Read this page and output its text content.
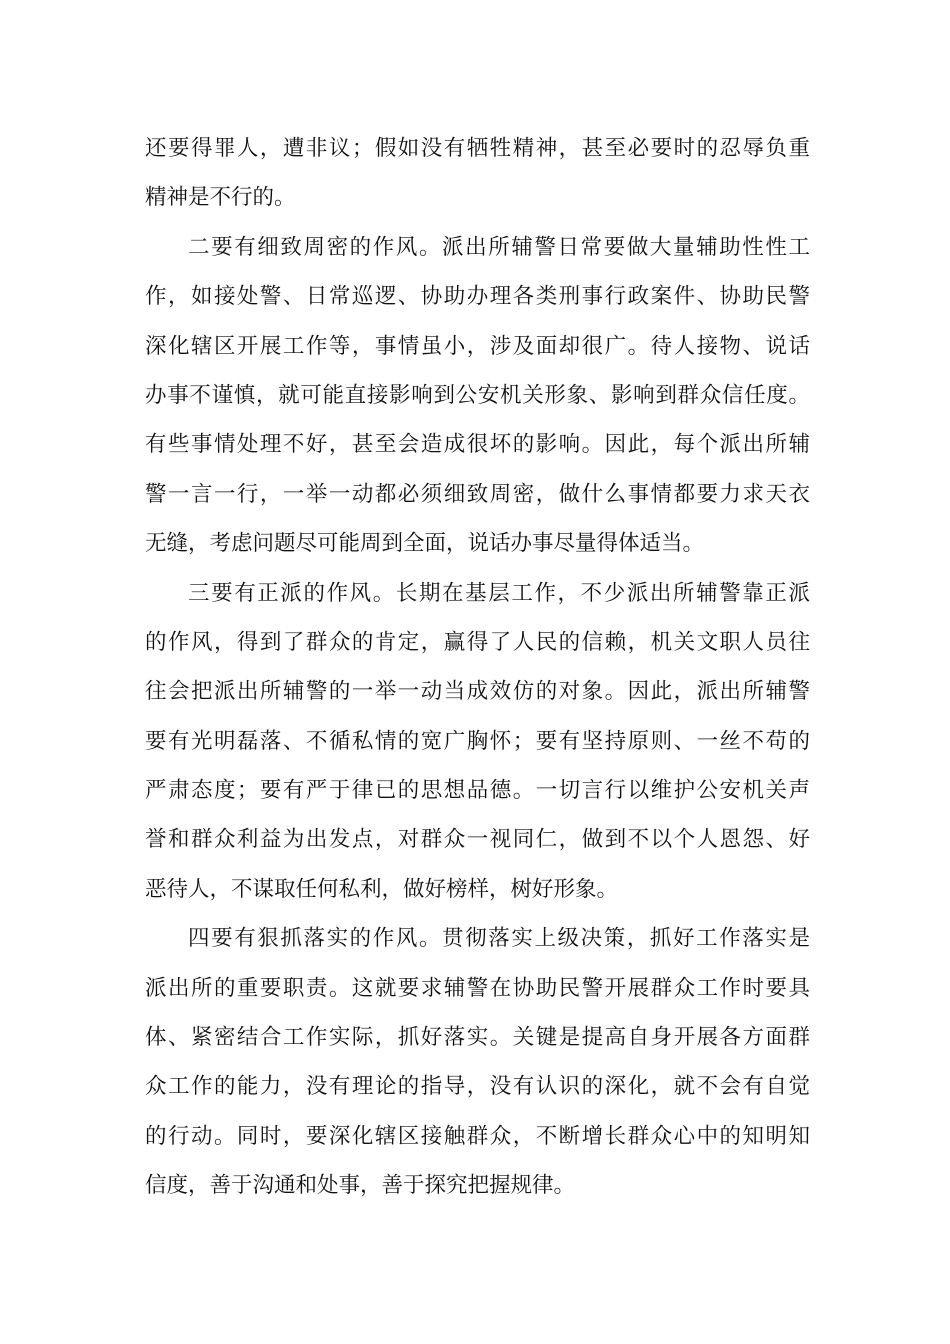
还要得罪人，遭非议；假如没有牺牲精神，甚至必要时的忍辱负重
精神是不行的。
二要有细致周密的作风。派出所辅警日常要做大量辅助性性工
作，如接处警、日常巡逻、协助办理各类刑事行政案件、协助民警
深化辖区开展工作等，事情虽小，涉及面却很广。待人接物、说话
办事不谨慎，就可能直接影响到公安机关形象、影响到群众信任度。
有些事情处理不好，甚至会造成很坏的影响。因此，每个派出所辅
警一言一行，一举一动都必须细致周密，做什么事情都要力求天衣
无缝，考虑问题尽可能周到全面，说话办事尽量得体适当。
三要有正派的作风。长期在基层工作，不少派出所辅警靠正派
的作风，得到了群众的肯定，赢得了人民的信赖，机关文职人员往
往会把派出所辅警的一举一动当成效仿的对象。因此，派出所辅警
要有光明磊落、不循私情的宽广胸怀；要有坚持原则、一丝不苟的
严肃态度；要有严于律已的思想品德。一切言行以维护公安机关声
誉和群众利益为出发点，对群众一视同仁，做到不以个人恩怨、好
恶待人，不谋取任何私利，做好榜样，树好形象。
四要有狠抓落实的作风。贯彻落实上级决策，抓好工作落实是
派出所的重要职责。这就要求辅警在协助民警开展群众工作时要具
体、紧密结合工作实际，抓好落实。关键是提高自身开展各方面群
众工作的能力，没有理论的指导，没有认识的深化，就不会有自觉
的行动。同时，要深化辖区接触群众，不断增长群众心中的知明知
信度，善于沟通和处事，善于探究把握规律。
